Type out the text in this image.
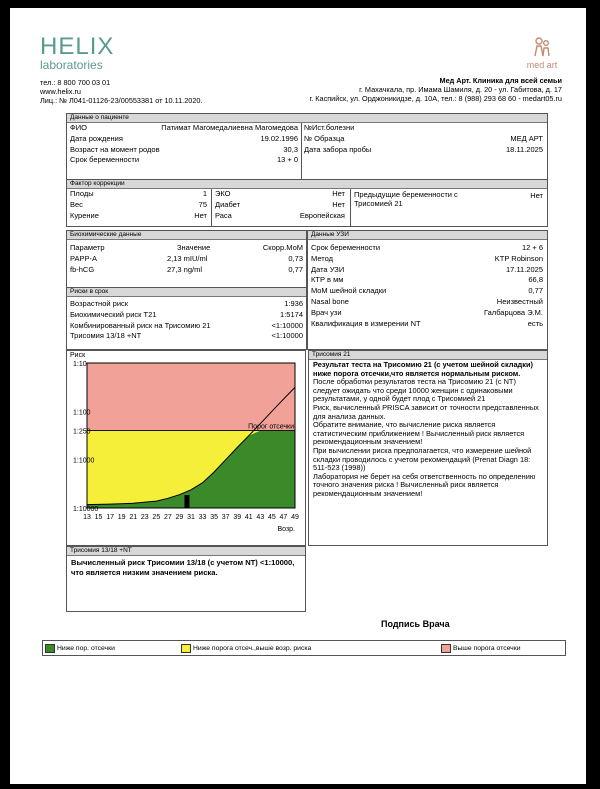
HELIX
laboratories	med art
тел.: 8 800 700 03 01
www.helix.ru
Лиц.: № Л041-01126-23/00553381 от 10.11.2020.
Мед Арт. Клиника для всей семьи
г. Махачкала, пр. Имама Шамиля, д. 20 - ул. Габитова, д. 17
г. Каспийск, ул. Орджоникидзе, д. 10А, тел.: 8 (988) 293 68 60 - medart05.ru
Данные о пациенте
ФИО	Патимат Магомедалиевна Магомедова №Ист.болезни
Дата рождения	19.02.1996 № Образца	МЕД АРТ
Возраст на момент родов	30,3 Дата забора пробы	18.11.2025
Срок беременности	13 + 0
Фактор коррекции
Плоды	1 ЭКО	Нет
Вес	75 Диабет	Нет
Курение	Нет Раса	Европейская
Предыдущие беременности с Трисомией 21
Нет
Биохимические данные
Параметр	Значение	Скорр.МоМ
PAPP-A	2,13 mIU/ml	0,73
fb-hCG	27,3 ng/ml	0,77
Риски в срок
Возрастной риск	1:936
Биохимический риск Т21	1:5174
Комбинированный риск на Трисомию 21	<1:10000
Трисомия 13/18 +NT	<1:10000
Данные УЗИ
Срок беременности	12 + 6
Метод	KTP Robinson
Дата УЗИ	17.11.2025
КТР в мм	66,8
MoM шейной складки	0,77
Nasal bone	Неизвестный
Врач узи	Галбарцова Э.М.
Квалификация в измерении NT	есть
Риск
Порог отсечки
1:10
1:100
1:250
1:1000
1:10000
13 15 17 19 21 23 25 27 29 31 33 35 37 39 41 43 45 47 49
Возр.
Трисомия 21
Результат теста на Трисомию 21 (с учетом шейной складки) ниже порога отсечки,что является нормальным риском.
После обработки результатов теста на Трисомию 21 (с NT) следует ожидать что среди 10000 женщин с одинаковыми результатами, у одной будет плод с Трисомией 21
Риск, вычисленный PRISCA зависит от точности представленных для анализа данных.
Обратите внимание, что вычисление риска является статистическим приближением ! Вычисленный риск является рекомендационным значением!
При вычислении риска предполагается, что измерение шейной складки проводилось с учетом рекомендаций (Prenat Diagn 18: 511-523 (1998))
Лаборатория не берет на себя ответственность по определению точного значения риска ! Вычисленный риск является рекомендационным значением!
Трисомия 13/18 +NT
Вычисленный риск Трисомии 13/18 (с учетом NT) <1:10000, что является низким значением риска.
Подпись Врача
Ниже пор. отсечки	Ниже порога отсеч.,выше возр. риска	Выше порога отсечки
